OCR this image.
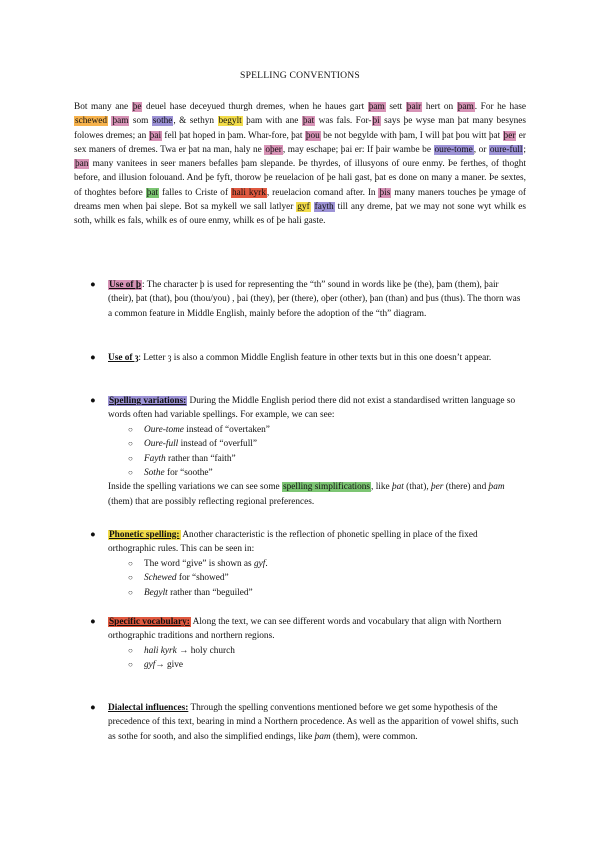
SPELLING CONVENTIONS
Bot many ane þe deuel hase deceyued thurgh dremes, when he haues gart þam sett þair hert on þam. For he hase schewed þam som sothe, & sethyn begylt þam with ane þat was fals. For-þi says þe wyse man þat many besynes folowes dremes; an þai fell þat hoped in þam. Whar-fore, þat þou be not begylde with þam, I will þat þou witt þat þer er sex maners of dremes. Twa er þat na man, haly ne oþer, may eschape; þai er: If þair wambe be oure-tome, or oure-full; þan many vanitees in seer maners befalles þam slepande. Þe thyrdes, of illusyons of oure enmy. Þe ferthes, of thoght before, and illusion folouand. And þe fyft, thorow þe reuelacion of þe hali gast, þat es done on many a maner. Þe sextes, of thoghtes before þat falles to Criste of hali kyrk, reuelacion comand after. In þis many maners touches þe ymage of dreams men when þai slepe. Bot sa mykell we sall latlyer gyf fayth till any dreme, þat we may not sone wyt whilk es soth, whilk es fals, whilk es of oure enmy, whilk es of þe hali gaste.
● Use of þ: The character þ is used for representing the “th” sound in words like þe (the), þam (them), þair (their), þat (that), þou (thou/you) , þai (they), þer (there), oþer (other), þan (than) and þus (thus). The thorn was a common feature in Middle English, mainly before the adoption of the “th” diagram.
● Use of ȝ: Letter ȝ is also a common Middle English feature in other texts but in this one doesn’t appear.
● Spelling variations: During the Middle English period there did not exist a standardised written language so words often had variable spellings. For example, we can see:
○ Oure-tome instead of “overtaken”
○ Oure-full instead of “overfull”
○ Fayth rather than “faith”
○ Sothe for “soothe”
Inside the spelling variations we can see some spelling simplifications, like þat (that), þer (there) and þam (them) that are possibly reflecting regional preferences.
● Phonetic spelling: Another characteristic is the reflection of phonetic spelling in place of the fixed orthographic rules. This can be seen in:
○ The word “give” is shown as gyf.
○ Schewed for “showed”
○ Begylt rather than “beguiled”
● Specific vocabulary: Along the text, we can see different words and vocabulary that align with Northern orthographic traditions and northern regions.
○ hali kyrk → holy church
○ gyf→ give
● Dialectal influences: Through the spelling conventions mentioned before we get some hypothesis of the precedence of this text, bearing in mind a Northern procedence. As well as the apparition of vowel shifts, such as sothe for sooth, and also the simplified endings, like þam (them), were common.
